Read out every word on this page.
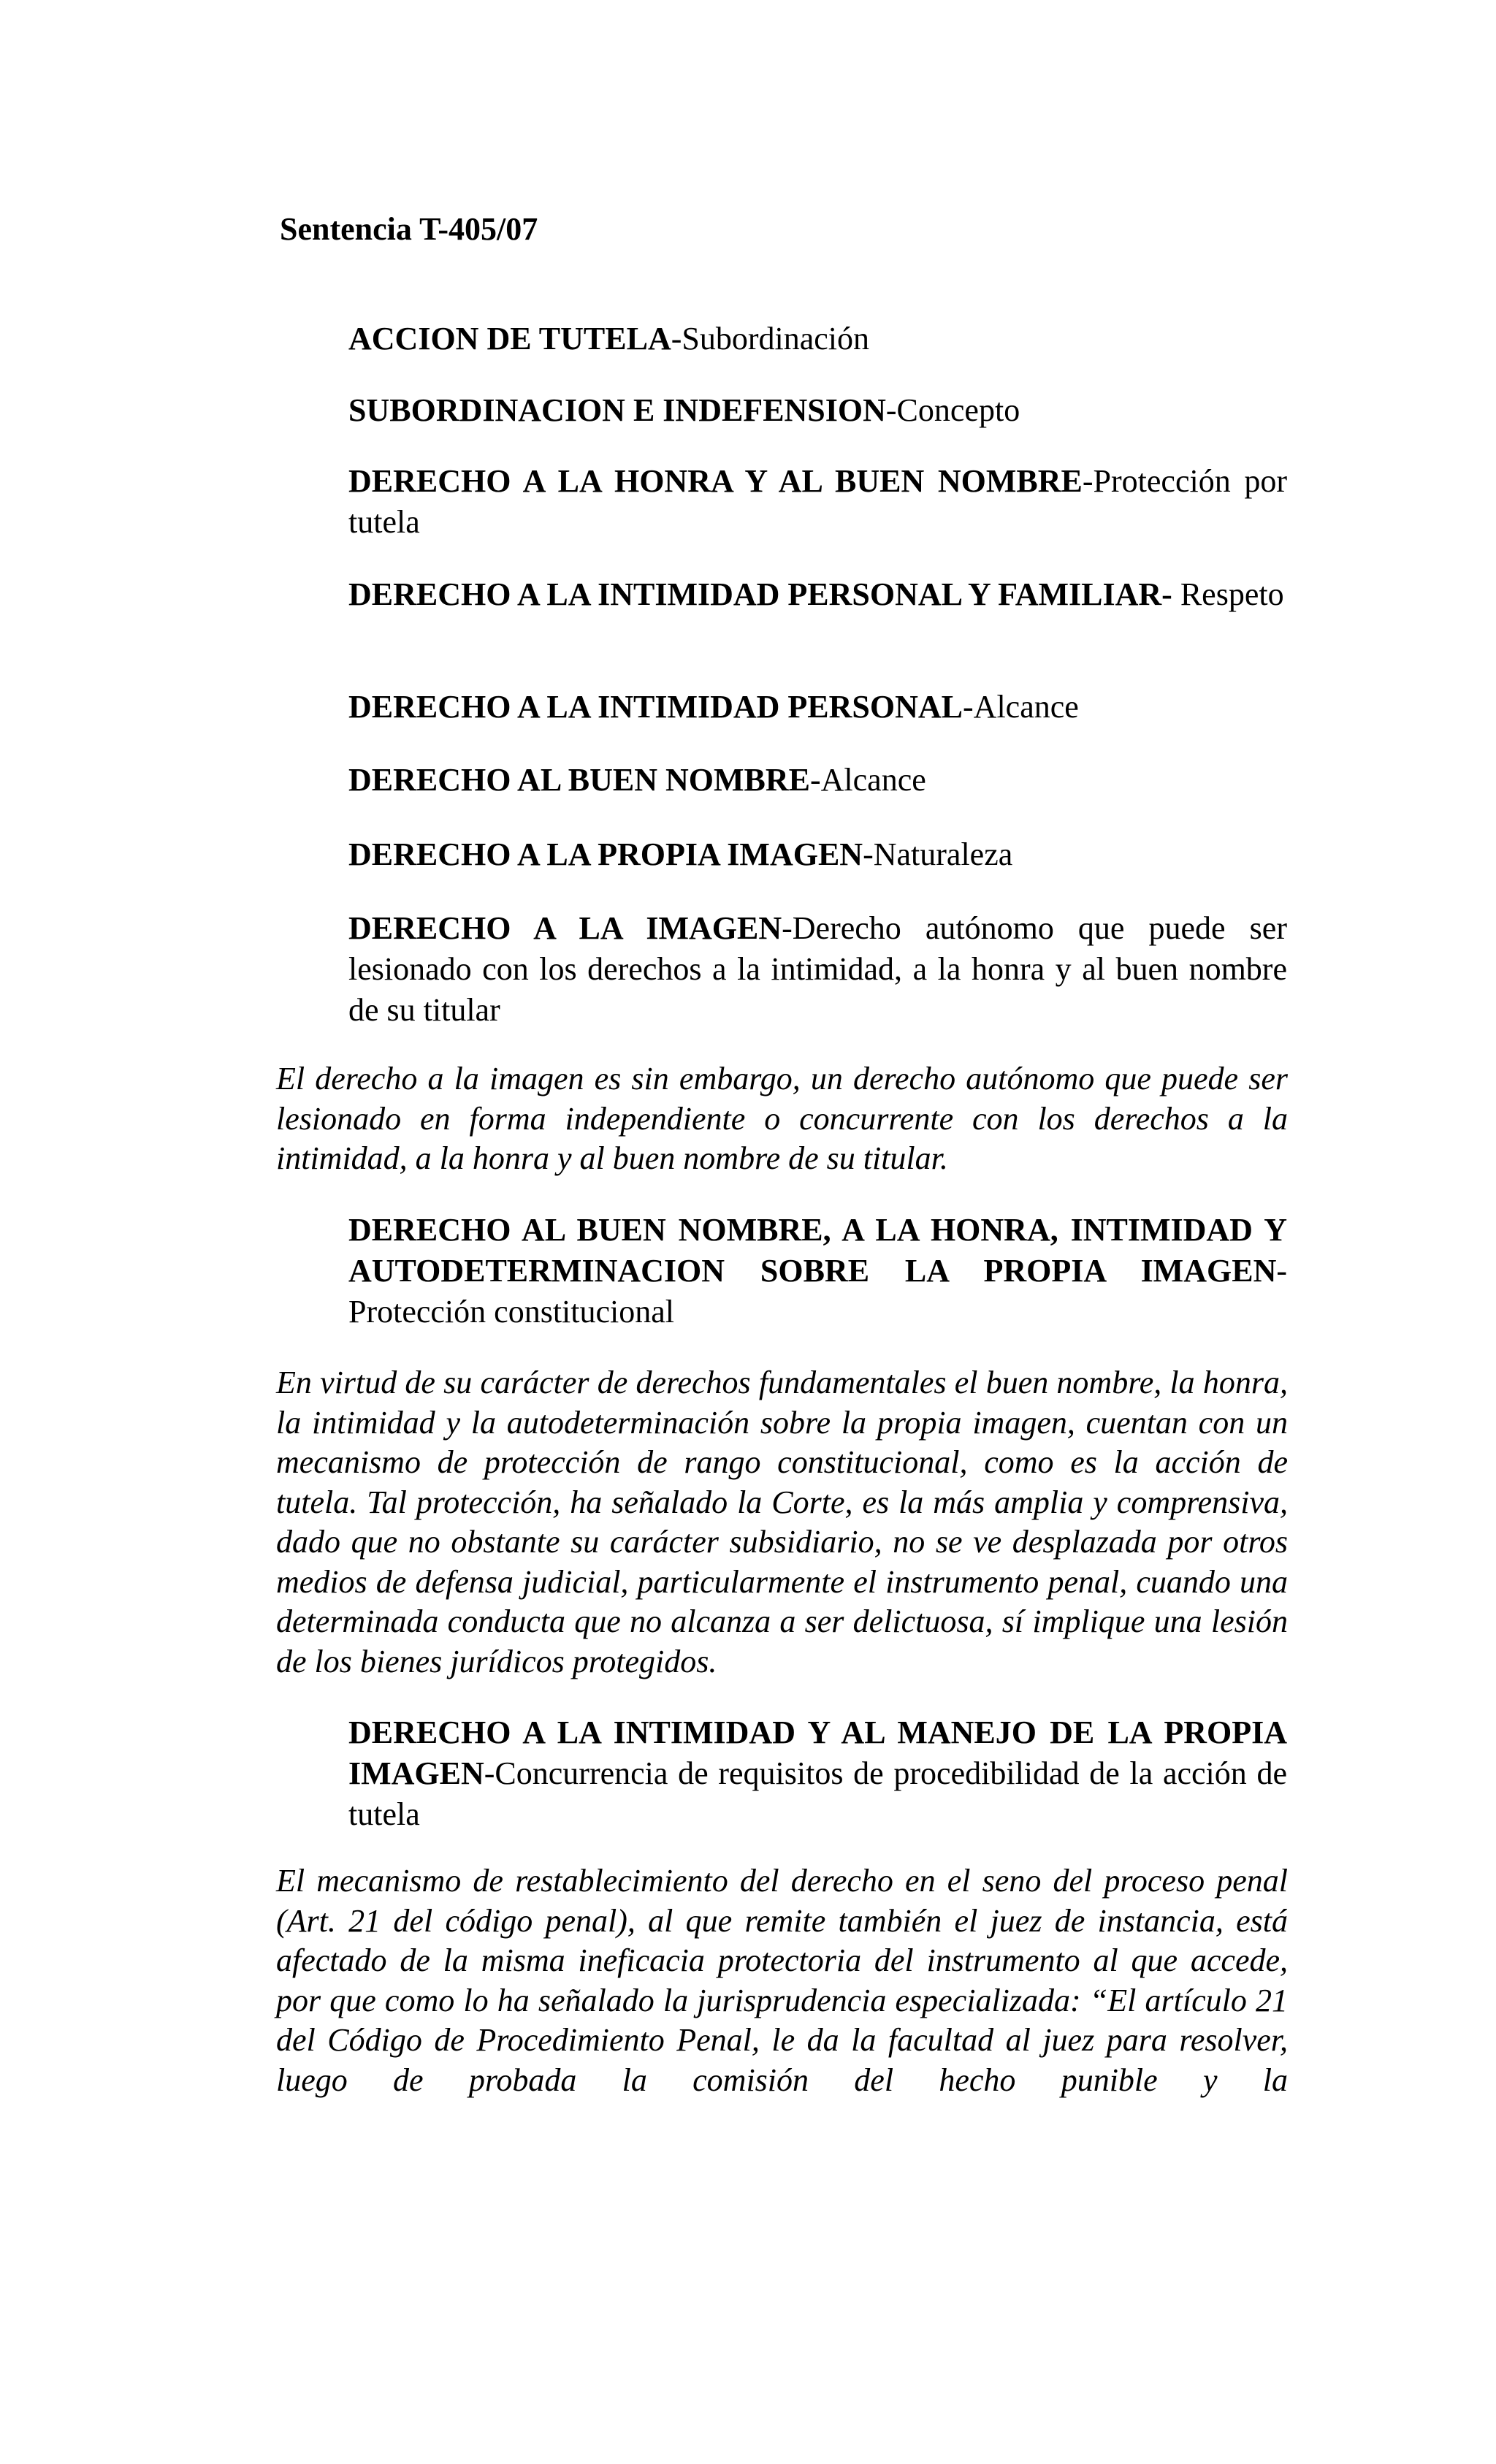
Sentencia T-405/07

ACCION DE TUTELA-Subordinación

SUBORDINACION E INDEFENSION-Concepto

DERECHO A LA HONRA Y AL BUEN NOMBRE-Protección por tutela

DERECHO A LA INTIMIDAD PERSONAL Y FAMILIAR- Respeto

DERECHO A LA INTIMIDAD PERSONAL-Alcance

DERECHO AL BUEN NOMBRE-Alcance

DERECHO A LA PROPIA IMAGEN-Naturaleza

DERECHO A LA IMAGEN-Derecho autónomo que puede ser lesionado con los derechos a la intimidad, a la honra y al buen nombre de su titular

El derecho a la imagen es sin embargo, un derecho autónomo que puede ser lesionado en forma independiente o concurrente con los derechos a la intimidad, a la honra y al buen nombre de su titular.

DERECHO AL BUEN NOMBRE, A LA HONRA, INTIMIDAD Y AUTODETERMINACION SOBRE LA PROPIA IMAGEN-Protección constitucional

En virtud de su carácter de derechos fundamentales el buen nombre, la honra, la intimidad y la autodeterminación sobre la propia imagen, cuentan con un mecanismo de protección de rango constitucional, como es la acción de tutela. Tal protección, ha señalado la Corte, es la más amplia y comprensiva, dado que no obstante su carácter subsidiario, no se ve desplazada por otros medios de defensa judicial, particularmente el instrumento penal, cuando una determinada conducta que no alcanza a ser delictuosa, sí implique una lesión de los bienes jurídicos protegidos.

DERECHO A LA INTIMIDAD Y AL MANEJO DE LA PROPIA IMAGEN-Concurrencia de requisitos de procedibilidad de la acción de tutela

El mecanismo de restablecimiento del derecho en el seno del proceso penal (Art. 21 del código penal), al que remite también el juez de instancia, está afectado de la misma ineficacia protectoria del instrumento al que accede, por que como lo ha señalado la jurisprudencia especializada: “El artículo 21 del Código de Procedimiento Penal, le da la facultad al juez para resolver, luego de probada la comisión del hecho punible y la
